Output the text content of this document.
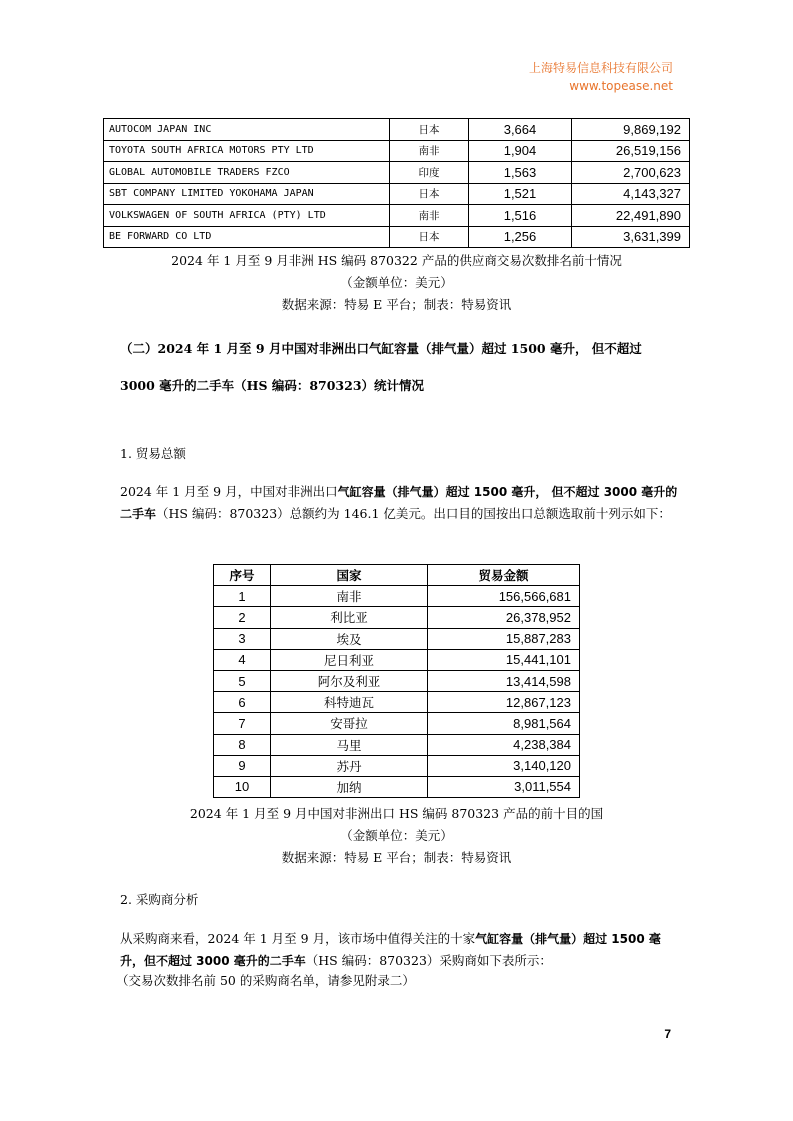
上海特易信息科技有限公司
www.topease.net
AUTOCOM JAPAN INC	日本	3,664	9,869,192
TOYOTA SOUTH AFRICA MOTORS PTY LTD	南非	1,904	26,519,156
GLOBAL AUTOMOBILE TRADERS FZCO	印度	1,563	2,700,623
SBT COMPANY LIMITED YOKOHAMA JAPAN	日本	1,521	4,143,327
VOLKSWAGEN OF SOUTH AFRICA (PTY) LTD	南非	1,516	22,491,890
BE FORWARD CO LTD	日本	1,256	3,631,399
2024 年 1 月至 9 月非洲 HS 编码 870322 产品的供应商交易次数排名前十情况
（金额单位：美元）
数据来源：特易 E 平台；制表：特易资讯
（二）2024 年 1 月至 9 月中国对非洲出口气缸容量（排气量）超过 1500 毫升， 但不超过
3000 毫升的二手车（HS 编码：870323）统计情况
1. 贸易总额
2024 年 1 月至 9 月，中国对非洲出口气缸容量（排气量）超过 1500 毫升， 但不超过 3000 毫升的二手车（HS 编码：870323）总额约为 146.1 亿美元。出口目的国按出口总额选取前十列示如下：
序号	国家	贸易金额
1	南非	156,566,681
2	利比亚	26,378,952
3	埃及	15,887,283
4	尼日利亚	15,441,101
5	阿尔及利亚	13,414,598
6	科特迪瓦	12,867,123
7	安哥拉	8,981,564
8	马里	4,238,384
9	苏丹	3,140,120
10	加纳	3,011,554
2024 年 1 月至 9 月中国对非洲出口 HS 编码 870323 产品的前十目的国
（金额单位：美元）
数据来源：特易 E 平台；制表：特易资讯
2. 采购商分析
从采购商来看，2024 年 1 月至 9 月，该市场中值得关注的十家气缸容量（排气量）超过 1500 毫升，但不超过 3000 毫升的二手车（HS 编码：870323）采购商如下表所示：
（交易次数排名前 50 的采购商名单，请参见附录二）
7
